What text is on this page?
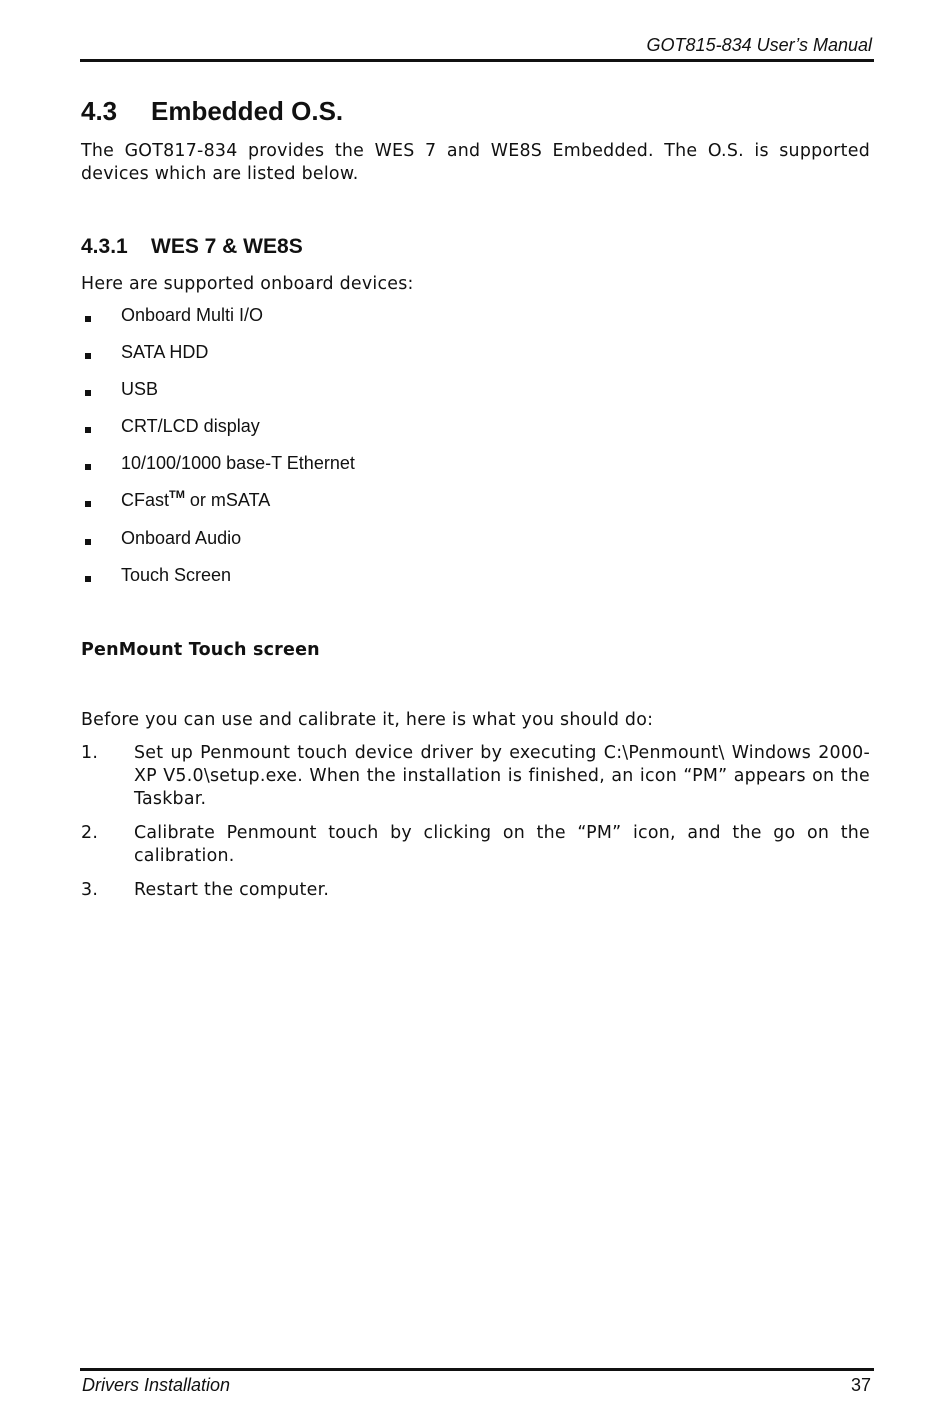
GOT815-834 User’s Manual
4.3 Embedded O.S.
The GOT817-834 provides the WES 7 and WE8S Embedded. The O.S. is supported devices which are listed below.
4.3.1 WES 7 & WE8S
Here are supported onboard devices:
Onboard Multi I/O
SATA HDD
USB
CRT/LCD display
10/100/1000 base-T Ethernet
CFast™ or mSATA
Onboard Audio
Touch Screen
PenMount Touch screen
Before you can use and calibrate it, here is what you should do:
1. Set up Penmount touch device driver by executing C:\Penmount\ Windows 2000-XP V5.0\setup.exe. When the installation is finished, an icon “PM” appears on the Taskbar.
2. Calibrate Penmount touch by clicking on the “PM” icon, and the go on the calibration.
3. Restart the computer.
Drivers Installation	37
